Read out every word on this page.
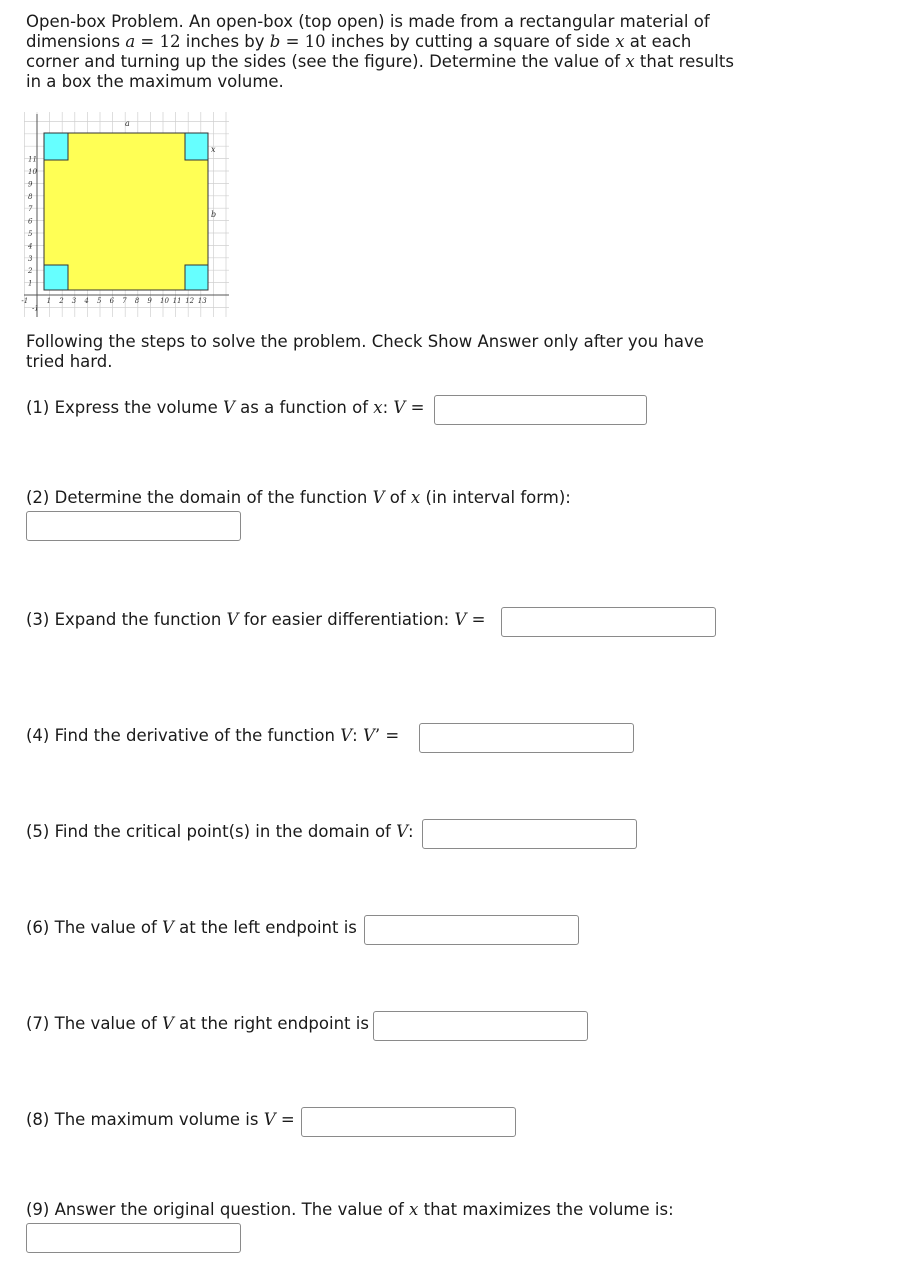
Open-box Problem. An open-box (top open) is made from a rectangular material of dimensions a = 12 inches by b = 10 inches by cutting a square of side x at each corner and turning up the sides (see the figure). Determine the value of x that results in a box the maximum volume.
a
b
x
-1	1 2 3 4 5 6 7 8 9 10 11 12 13
11
10
9
8
7
6
5
4
3
2
1
-1
Following the steps to solve the problem. Check Show Answer only after you have tried hard.
(1) Express the volume V as a function of x: V =
(2) Determine the domain of the function V of x (in interval form):
(3) Expand the function V for easier differentiation: V =
(4) Find the derivative of the function V: V’ =
(5) Find the critical point(s) in the domain of V:
(6) The value of V at the left endpoint is
(7) The value of V at the right endpoint is
(8) The maximum volume is V =
(9) Answer the original question. The value of x that maximizes the volume is:
